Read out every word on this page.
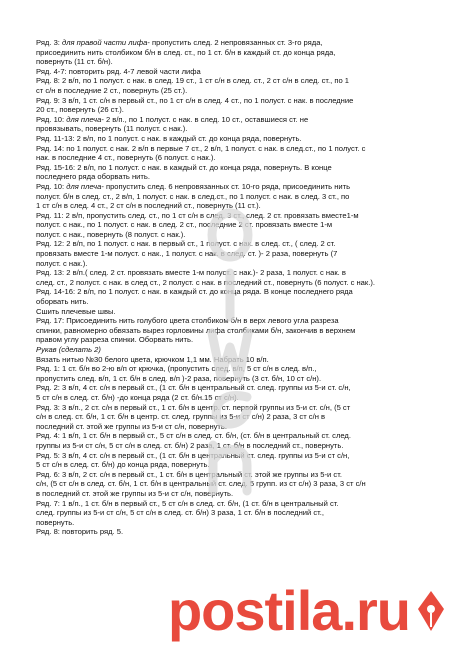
Ряд. 3: для правой части лифа- пропустить след. 2 непровязанных ст. 3-го ряда,
присоединить нить столбиком б/н в след. ст., по 1 ст. б/н в каждый ст. до конца ряда,
повернуть (11 ст. б/н).
Ряд. 4-7: повторить ряд. 4-7 левой части лифа
Ряд. 8: 2 в/п, по 1 полуст. с нак. в след. 19 ст., 1 ст с/н в след. ст., 2 ст с/н в след. ст., по 1
ст с/н в последние 2 ст., повернуть (25 ст.).
Ряд. 9: 3 в/п, 1 ст. с/н в первый ст., по 1 ст с/н в след. 4 ст., по 1 полуст. с нак. в последние
20 ст., повернуть (26 ст.).
Ряд. 10: для плеча- 2 в/п., по 1 полуст. с нак. в след. 10 ст., оставшиеся ст. не
провязывать, повернуть (11 полуст. с нак.).
Ряд. 11-13: 2 в/п, по 1 полуст. с нак. в каждый ст. до конца ряда, повернуть.
Ряд. 14: по 1 полуст. с нак. 2 в/п в первые 7 ст., 2 в/п, 1 полуст. с нак. в след.ст., по 1 полуст. с
нак. в последние 4 ст., повернуть (6 полуст. с нак.).
Ряд. 15-16: 2 в/п, по 1 полуст. с нак. в каждый ст. до конца ряда, повернуть. В конце
последнего ряда оборвать нить.
Ряд. 10: для плеча- пропустить след. 6 непровязанных ст. 10-го ряда, присоединить нить
полуст. б/н в след. ст., 2 в/п, 1 полуст. с нак. в след.ст., по 1 полуст. с нак. в след. 3 ст., по
1 ст с/н в след. 4 ст., 2 ст с/н в последний ст., повернуть (11 ст.).
Ряд. 11: 2 в/п, пропустить след. ст., по 1 ст с/н в след. 3 ст., след. 2 ст. провязать вместе1-м
полуст. с нак., по 1 полуст. с нак. в след. 2 ст., последние 2 ст. провязать вместе 1-м
полуст. с нак., повернуть (8 полуст. с нак.).
Ряд. 12: 2 в/п, по 1 полуст. с нак. в первый ст., 1 полуст. с нак. в след. ст., ( след. 2 ст.
провязать вместе 1-м полуст. с нак., 1 полуст. с нак. в след. ст. )- 2 раза, повернуть (7
полуст. с нак.).
Ряд. 13: 2 в/п.( след. 2 ст. провязать вместе 1-м полуст. с нак.)- 2 раза, 1 полуст. с нак. в
след. ст., 2 полуст. с нак. в след ст., 2 полуст. с нак. в последний ст., повернуть (6 полуст. с нак.).
Ряд. 14-16: 2 в/п, по 1 полуст. с нак. в каждый ст. до конца ряда. В конце последнего ряда
оборвать нить.
Сшить плечевые швы.
Ряд. 17: Присоединить нить голубого цвета столбиком б/н в верх левого угла разреза
спинки, равномерно обвязать вырез горловины лифа столбиками б/н, закончив в верхнем
правом углу разреза спинки. Оборвать нить.
Рукав (сделать 2)
Вязать нитью №30 белого цвета, крючком 1,1 мм. Набрать 10 в/п.
Ряд. 1: 1 ст. б/н во 2-ю в/п от крючка, (пропустить след. в/п, 5 ст с/н в след. в/п.,
пропустить след. в/п, 1 ст. б/н в след. в/п )-2 раза, повернуть (3 ст. б/н, 10 ст с/н).
Ряд. 2: 3 в/п, 4 ст. с/н в первый ст., (1 ст. б/н в центральный ст. след. группы из 5-и ст. с/н,
5 ст с/н в след. ст. б/н) -до конца ряда (2 ст. б/н.15 ст с/н).
Ряд. 3: 3 в/п., 2 ст. с/н в первый ст., 1 ст. б/н в центр. ст. первой группы из 5-и ст. с/н, (5 ст
с/н в след. ст. б/н, 1 ст. б/н в центр. ст. след. группы из 5-и ст с/н) 2 раза, 3 ст с/н в
последний ст. этой же группы из 5-и ст с/н, повернуть.
Ряд. 4: 1 в/п, 1 ст. б/н в первый ст., 5 ст с/н в след. ст. б/н, (ст. б/н в центральный ст. след.
группы из 5-и ст с/н, 5 ст с/н в след. ст. б/н) 2 раза, 1 ст. б/н в последний ст., повернуть.
Ряд. 5: 3 в/п, 4 ст. с/н в первый ст., (1 ст. б/н в центральный ст. след. группы из 5-и ст с/н,
5 ст с/н в след. ст. б/н) до конца ряда, повернуть.
Ряд. 6: 3 в/п, 2 ст. с/н в первый ст., 1 ст. б/н в центральный ст. этой же группы из 5-и ст.
с/н, (5 ст с/н в след. ст. б/н, 1 ст. б/н в центральный ст. след. 5 групп. из ст с/н) 3 раза, 3 ст с/н
в последний ст. этой же группы из 5-и ст с/н, повернуть.
Ряд. 7: 1 в/п., 1 ст. б/н в первый ст., 5 ст с/н в след. ст. б/н, (1 ст. б/н в центральный ст.
след. группы из 5-и ст с/н, 5 ст с/н в след. ст. б/н) 3 раза, 1 ст. б/н в последний ст.,
повернуть.
Ряд. 8: повторить ряд. 5.
postila.ru
